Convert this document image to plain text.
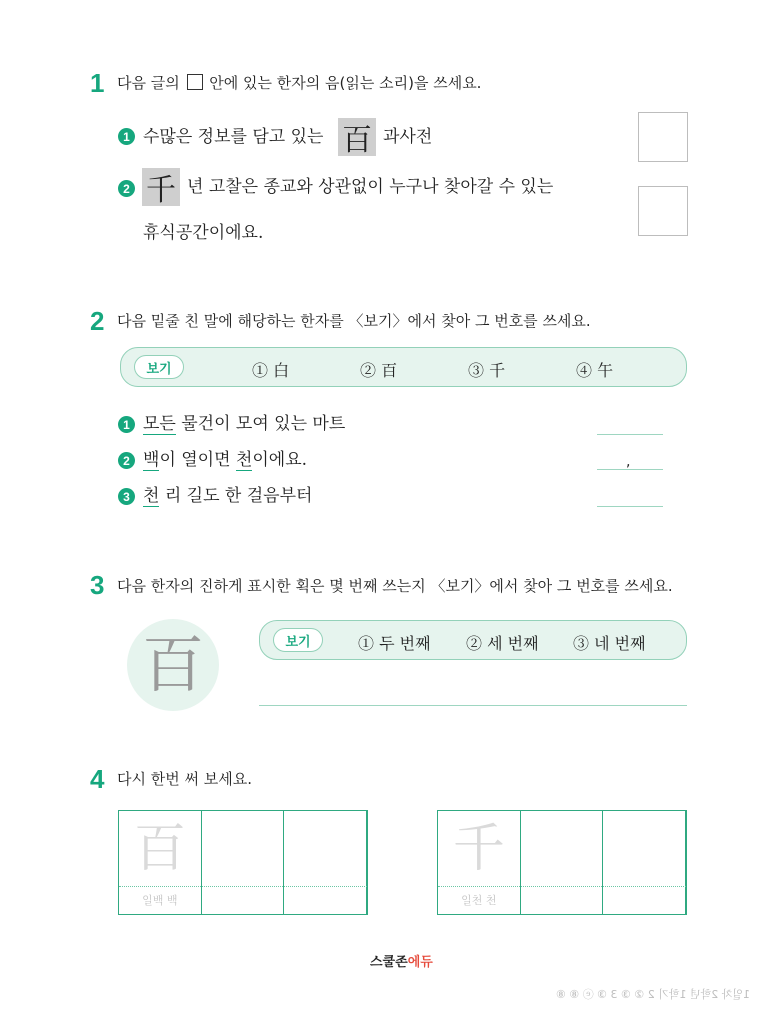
1 다음 글의 안에 있는 한자의 음(읽는 소리)을 쓰세요.
1 수많은 정보를 담고 있는 百 과사전
2 千 년 고찰은 종교와 상관없이 누구나 찾아갈 수 있는
휴식공간이에요.
2 다음 밑줄 친 말에 해당하는 한자를 〈보기〉에서 찾아 그 번호를 쓰세요.
보기	① 白	② 百	③ 千	④ 午
1 모든 물건이 모여 있는 마트
2 백이 열이면 천이에요.	,
3 천 리 길도 한 걸음부터
3 다음 한자의 진하게 표시한 획은 몇 번째 쓰는지 〈보기〉에서 찾아 그 번호를 쓰세요.
百	보기	① 두 번째 ② 세 번째 ③ 네 번째
4 다시 한번 써 보세요.
百
일백 백
千
일천 천
스쿨존에듀
1일차 2학년 1학기 2 ② ③ 3 ③ ⓔ ⑧ ⑧
